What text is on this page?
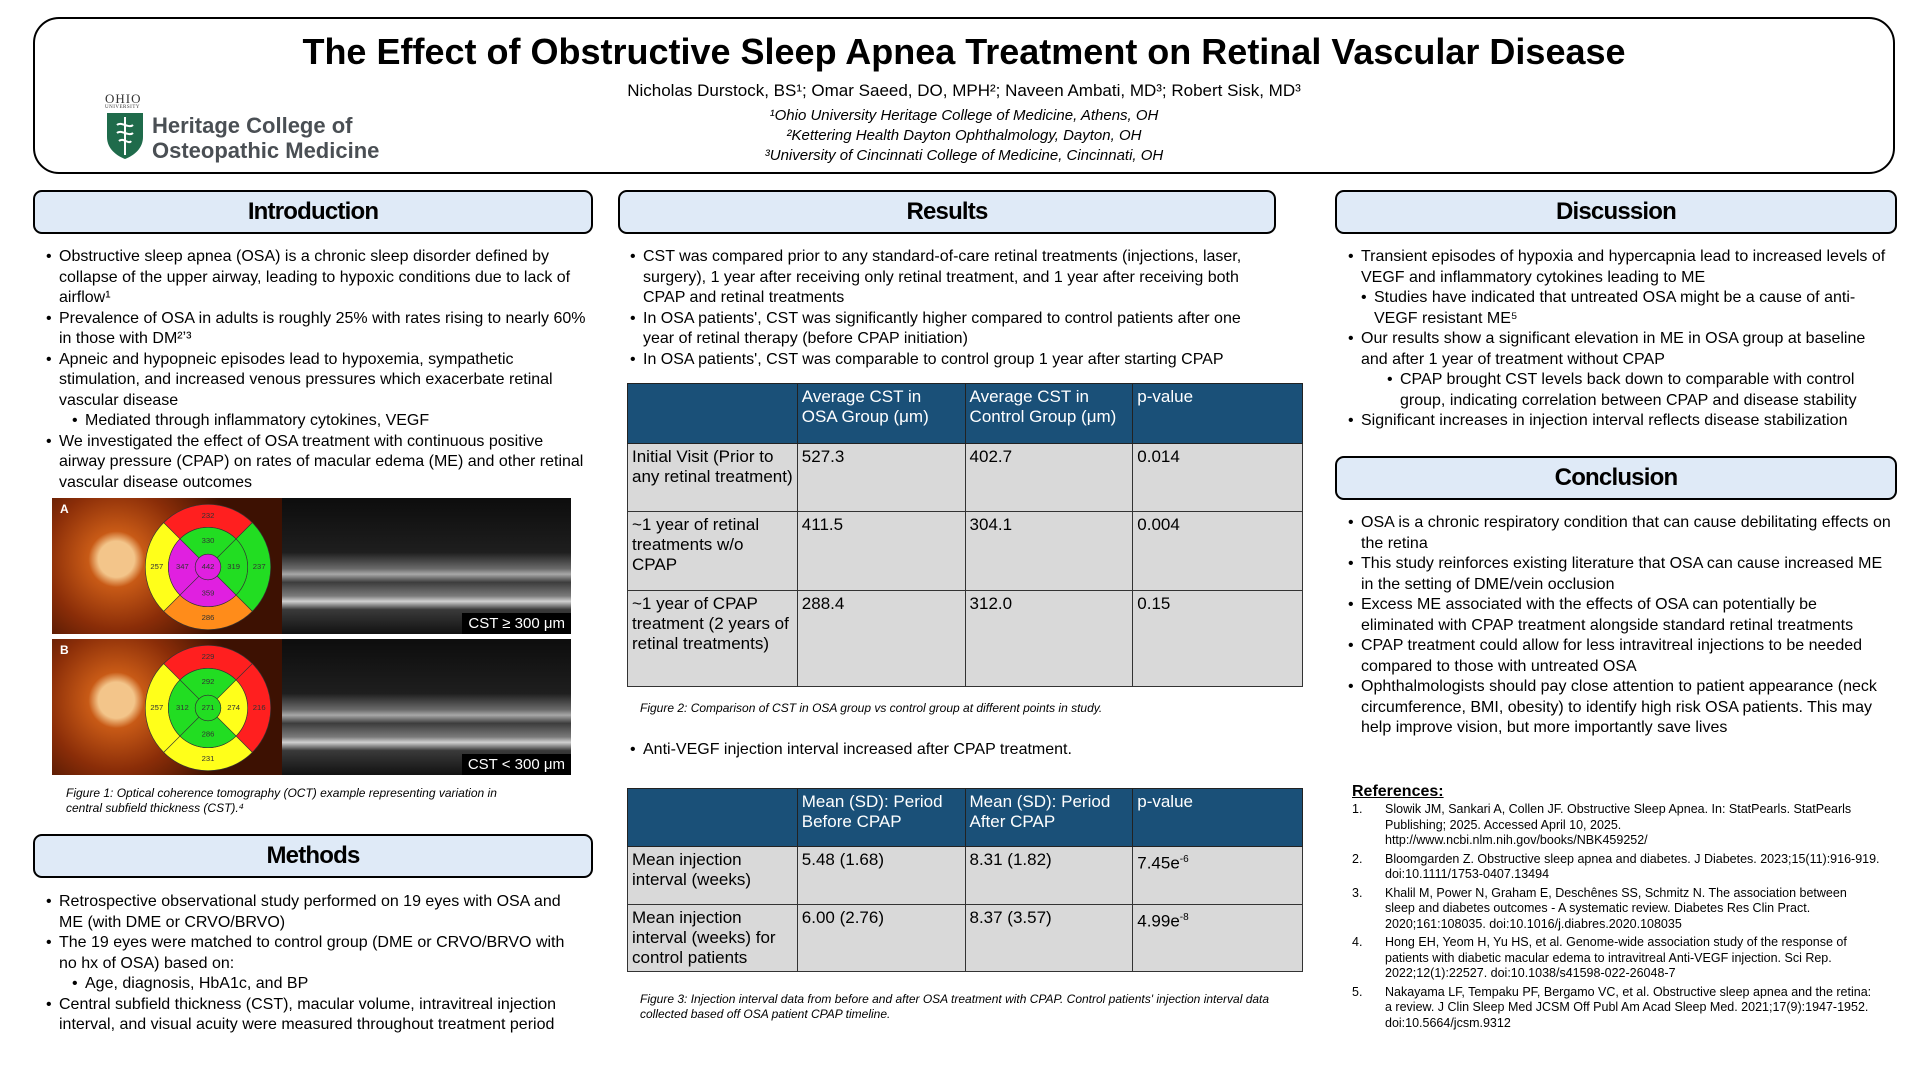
The Effect of Obstructive Sleep Apnea Treatment on Retinal Vascular Disease
Nicholas Durstock, BS¹; Omar Saeed, DO, MPH²; Naveen Ambati, MD³; Robert Sisk, MD³
¹Ohio University Heritage College of Medicine, Athens, OH
²Kettering Health Dayton Ophthalmology, Dayton, OH
³University of Cincinnati College of Medicine, Cincinnati, OH
OHIO
UNIVERSITY
Heritage College of
Osteopathic Medicine
Introduction
• Obstructive sleep apnea (OSA) is a chronic sleep disorder defined by collapse of the upper airway, leading to hypoxic conditions due to lack of airflow¹
• Prevalence of OSA in adults is roughly 25% with rates rising to nearly 60% in those with DM²ʼ³
• Apneic and hypopneic episodes lead to hypoxemia, sympathetic stimulation, and increased venous pressures which exacerbate retinal vascular disease
• Mediated through inflammatory cytokines, VEGF
• We investigated the effect of OSA treatment with continuous positive airway pressure (CPAP) on rates of macular edema (ME) and other retinal vascular disease outcomes
A	232
330
257 347 442 319 237
359
286	CST ≥ 300 μm
B	229
292
257 312 271 274 216
286
231	CST < 300 μm
Figure 1: Optical coherence tomography (OCT) example representing variation in central subfield thickness (CST).⁴
Methods
• Retrospective observational study performed on 19 eyes with OSA and ME (with DME or CRVO/BRVO)
• The 19 eyes were matched to control group (DME or CRVO/BRVO with no hx of OSA) based on:
• Age, diagnosis, HbA1c, and BP
• Central subfield thickness (CST), macular volume, intravitreal injection interval, and visual acuity were measured throughout treatment period
Results
• CST was compared prior to any standard-of-care retinal treatments (injections, laser, surgery), 1 year after receiving only retinal treatment, and 1 year after receiving both CPAP and retinal treatments
• In OSA patients', CST was significantly higher compared to control patients after one year of retinal therapy (before CPAP initiation)
• In OSA patients', CST was comparable to control group 1 year after starting CPAP
	Average CST in OSA Group (μm)	Average CST in Control Group (μm)	p-value
Initial Visit (Prior to any retinal treatment)	527.3	402.7	0.014
~1 year of retinal treatments w/o CPAP	411.5	304.1	0.004
~1 year of CPAP treatment (2 years of retinal treatments)	288.4	312.0	0.15
Figure 2: Comparison of CST in OSA group vs control group at different points in study.
• Anti-VEGF injection interval increased after CPAP treatment.
	Mean (SD): Period Before CPAP	Mean (SD): Period After CPAP	p-value
Mean injection interval (weeks)	5.48 (1.68)	8.31 (1.82)	$7.45e^{-6}$
Mean injection interval (weeks) for control patients	6.00 (2.76)	8.37 (3.57)	$4.99e^{-8}$
Figure 3: Injection interval data from before and after OSA treatment with CPAP. Control patients' injection interval data collected based off OSA patient CPAP timeline.
Discussion
• Transient episodes of hypoxia and hypercapnia lead to increased levels of VEGF and inflammatory cytokines leading to ME
• Studies have indicated that untreated OSA might be a cause of anti-VEGF resistant ME⁵
• Our results show a significant elevation in ME in OSA group at baseline and after 1 year of treatment without CPAP
• CPAP brought CST levels back down to comparable with control group, indicating correlation between CPAP and disease stability
• Significant increases in injection interval reflects disease stabilization
Conclusion
• OSA is a chronic respiratory condition that can cause debilitating effects on the retina
• This study reinforces existing literature that OSA can cause increased ME in the setting of DME/vein occlusion
• Excess ME associated with the effects of OSA can potentially be eliminated with CPAP treatment alongside standard retinal treatments
• CPAP treatment could allow for less intravitreal injections to be needed compared to those with untreated OSA
• Ophthalmologists should pay close attention to patient appearance (neck circumference, BMI, obesity) to identify high risk OSA patients. This may help improve vision, but more importantly save lives
References:
1. Slowik JM, Sankari A, Collen JF. Obstructive Sleep Apnea. In: StatPearls. StatPearls Publishing; 2025. Accessed April 10, 2025. http://www.ncbi.nlm.nih.gov/books/NBK459252/
2. Bloomgarden Z. Obstructive sleep apnea and diabetes. J Diabetes. 2023;15(11):916-919. doi:10.1111/1753-0407.13494
3. Khalil M, Power N, Graham E, Deschênes SS, Schmitz N. The association between sleep and diabetes outcomes - A systematic review. Diabetes Res Clin Pract. 2020;161:108035. doi:10.1016/j.diabres.2020.108035
4. Hong EH, Yeom H, Yu HS, et al. Genome-wide association study of the response of patients with diabetic macular edema to intravitreal Anti-VEGF injection. Sci Rep. 2022;12(1):22527. doi:10.1038/s41598-022-26048-7
5. Nakayama LF, Tempaku PF, Bergamo VC, et al. Obstructive sleep apnea and the retina: a review. J Clin Sleep Med JCSM Off Publ Am Acad Sleep Med. 2021;17(9):1947-1952. doi:10.5664/jcsm.9312
